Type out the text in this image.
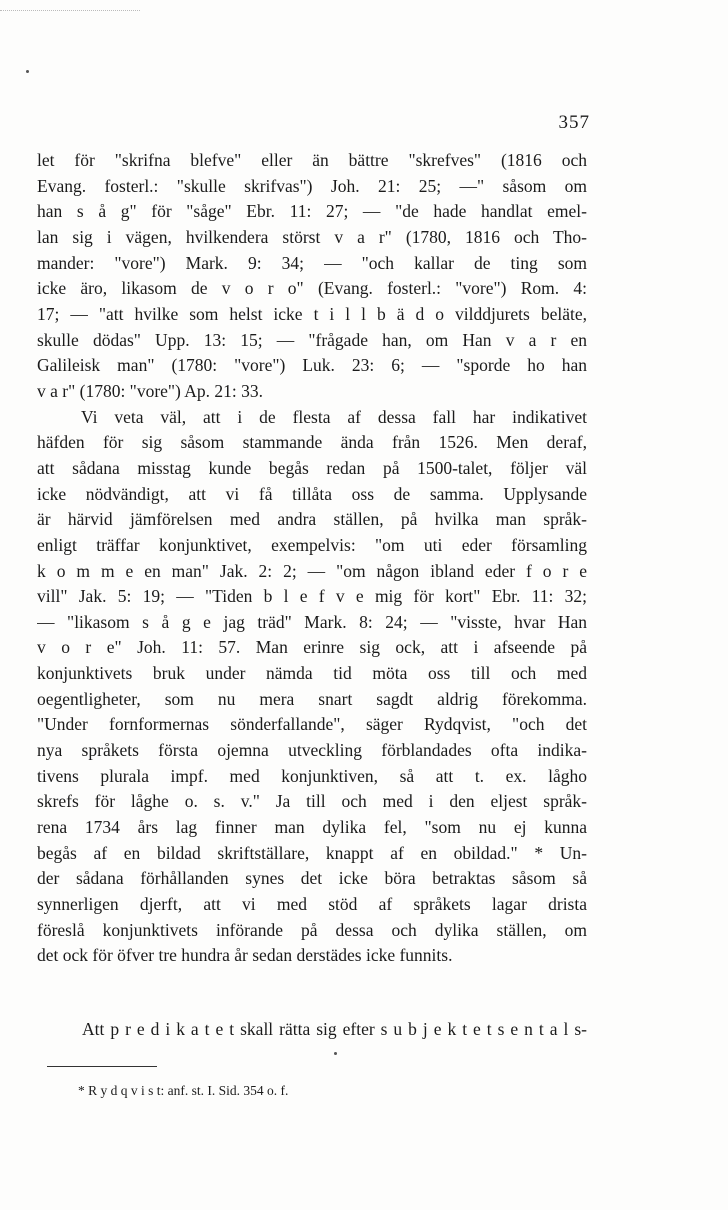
357
let för "skrifna blefve" eller än bättre "skrefves" (1816 och
Evang. fosterl.: "skulle skrifvas") Joh. 21: 25; —" såsom om
han s å g" för "såge" Ebr. 11: 27; — "de hade handlat emel-
lan sig i vägen, hvilkendera störst v a r" (1780, 1816 och Tho-
mander: "vore") Mark. 9: 34; — "och kallar de ting som
icke äro, likasom de v o r o" (Evang. fosterl.: "vore") Rom. 4:
17; — "att hvilke som helst icke t i l l b ä d o vilddjurets beläte,
skulle dödas" Upp. 13: 15; — "frågade han, om Han v a r en
Galileisk man" (1780: "vore") Luk. 23: 6; — "sporde ho han
v a r" (1780: "vore") Ap. 21: 33.
Vi veta väl, att i de flesta af dessa fall har indikativet
häfden för sig såsom stammande ända från 1526. Men deraf,
att sådana misstag kunde begås redan på 1500-talet, följer väl
icke nödvändigt, att vi få tillåta oss de samma. Upplysande
är härvid jämförelsen med andra ställen, på hvilka man språk-
enligt träffar konjunktivet, exempelvis: "om uti eder församling
k o m m e en man" Jak. 2: 2; — "om någon ibland eder f o r e
vill" Jak. 5: 19; — "Tiden b l e f v e mig för kort" Ebr. 11: 32;
— "likasom s å g e jag träd" Mark. 8: 24; — "visste, hvar Han
v o r e" Joh. 11: 57. Man erinre sig ock, att i afseende på
konjunktivets bruk under nämda tid möta oss till och med
oegentligheter, som nu mera snart sagdt aldrig förekomma.
"Under fornformernas sönderfallande", säger Rydqvist, "och det
nya språkets första ojemna utveckling förblandades ofta indika-
tivens plurala impf. med konjunktiven, så att t. ex. lågho
skrefs för låghe o. s. v." Ja till och med i den eljest språk-
rena 1734 års lag finner man dylika fel, "som nu ej kunna
begås af en bildad skriftställare, knappt af en obildad." * Un-
der sådana förhållanden synes det icke böra betraktas såsom så
synnerligen djerft, att vi med stöd af språkets lagar drista
föreslå konjunktivets införande på dessa och dylika ställen, om
det ock för öfver tre hundra år sedan derstädes icke funnits.
Att p r e d i k a t e t skall rätta sig efter s u b j e k t e t s e n t a l s-
* R y d q v i s t: anf. st. I. Sid. 354 o. f.
